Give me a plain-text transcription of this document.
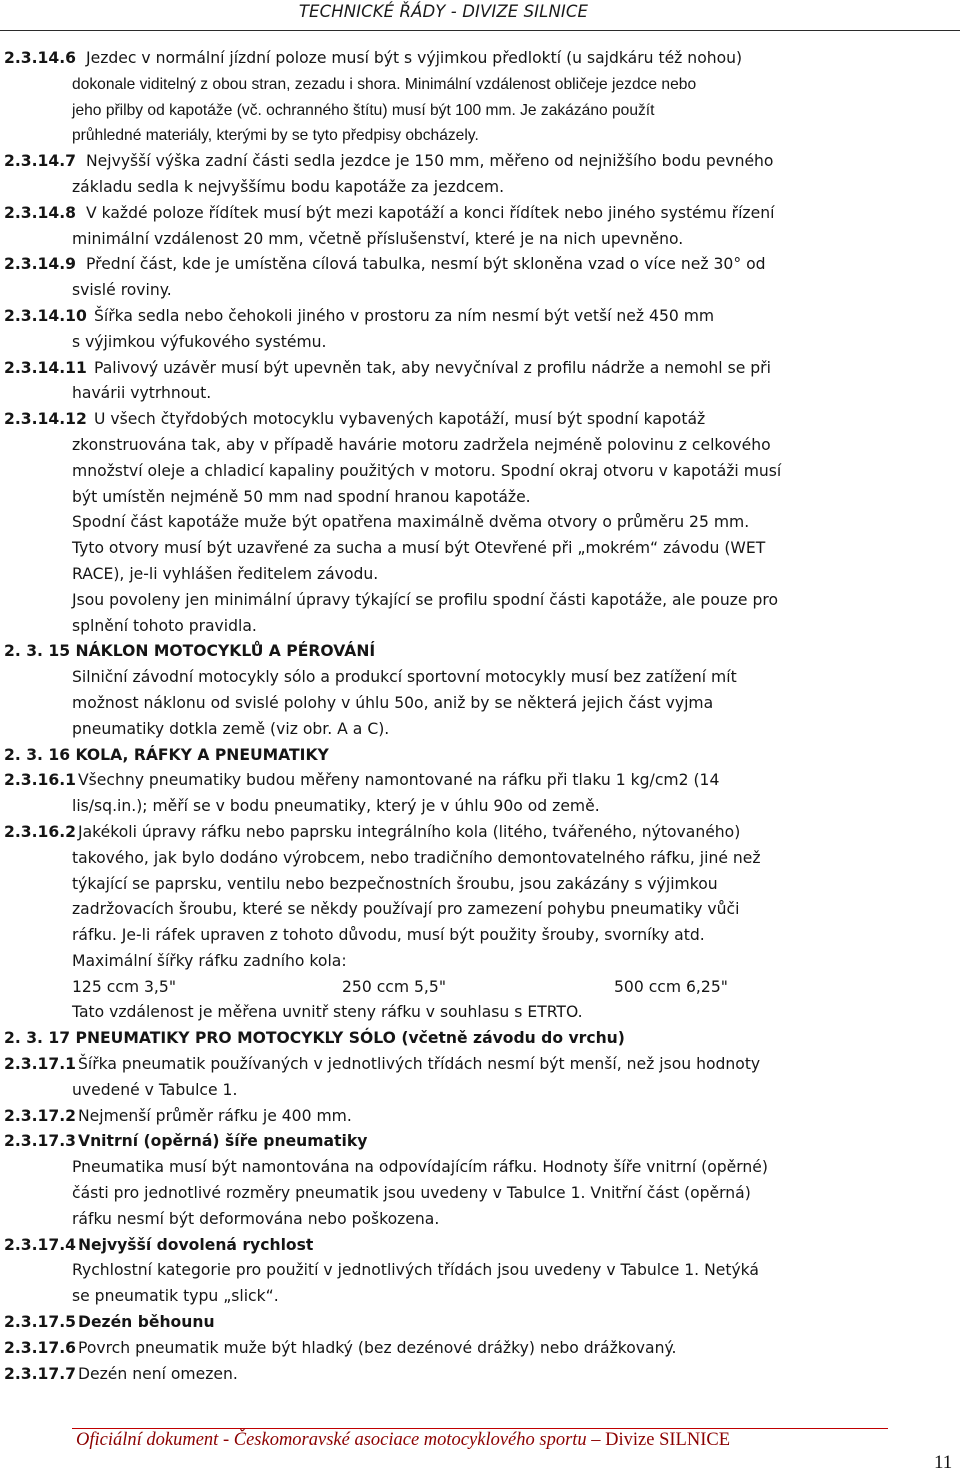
TECHNICKÉ ŘÁDY - DIVIZE SILNICE
2.3.14.6 Jezdec v normální jízdní poloze musí být s výjimkou předloktí (u sajdkáru též nohou)
dokonale viditelný z obou stran, zezadu i shora. Minimální vzdálenost obličeje jezdce nebo
jeho přilby od kapotáže (vč. ochranného štítu) musí být 100 mm. Je zakázáno použít
průhledné materiály, kterými by se tyto předpisy obcházely.
2.3.14.7 Nejvyšší výška zadní části sedla jezdce je 150 mm, měřeno od nejnižšího bodu pevného
základu sedla k nejvyššímu bodu kapotáže za jezdcem.
2.3.14.8 V každé poloze řídítek musí být mezi kapotáží a konci řídítek nebo jiného systému řízení
minimální vzdálenost 20 mm, včetně příslušenství, které je na nich upevněno.
2.3.14.9 Přední část, kde je umístěna cílová tabulka, nesmí být skloněna vzad o více než 30° od
svislé roviny.
2.3.14.10 Šířka sedla nebo čehokoli jiného v prostoru za ním nesmí být vetší než 450 mm
s výjimkou výfukového systému.
2.3.14.11 Palivový uzávěr musí být upevněn tak, aby nevyčníval z profilu nádrže a nemohl se při
havárii vytrhnout.
2.3.14.12 U všech čtyřdobých motocyklu vybavených kapotáží, musí být spodní kapotáž
zkonstruována tak, aby v případě havárie motoru zadržela nejméně polovinu z celkového
množství oleje a chladicí kapaliny použitých v motoru. Spodní okraj otvoru v kapotáži musí
být umístěn nejméně 50 mm nad spodní hranou kapotáže.
Spodní část kapotáže muže být opatřena maximálně dvěma otvory o průměru 25 mm.
Tyto otvory musí být uzavřené za sucha a musí být Otevřené při „mokrém“ závodu (WET
RACE), je-li vyhlášen ředitelem závodu.
Jsou povoleny jen minimální úpravy týkající se profilu spodní části kapotáže, ale pouze pro
splnění tohoto pravidla.
2. 3. 15 NÁKLON MOTOCYKLŮ A PÉROVÁNÍ
Silniční závodní motocykly sólo a produkcí sportovní motocykly musí bez zatížení mít
možnost náklonu od svislé polohy v úhlu 50o, aniž by se některá jejich část vyjma
pneumatiky dotkla země (viz obr. A a C).
2. 3. 16 KOLA, RÁFKY A PNEUMATIKY
2.3.16.1 Všechny pneumatiky budou měřeny namontované na ráfku při tlaku 1 kg/cm2 (14
lis/sq.in.); měří se v bodu pneumatiky, který je v úhlu 90o od země.
2.3.16.2 Jakékoli úpravy ráfku nebo paprsku integrálního kola (litého, tvářeného, nýtovaného)
takového, jak bylo dodáno výrobcem, nebo tradičního demontovatelného ráfku, jiné než
týkající se paprsku, ventilu nebo bezpečnostních šroubu, jsou zakázány s výjimkou
zadržovacích šroubu, které se někdy používají pro zamezení pohybu pneumatiky vůči
ráfku. Je-li ráfek upraven z tohoto důvodu, musí být použity šrouby, svorníky atd.
Maximální šířky ráfku zadního kola:
125 ccm 3,5"	250 ccm 5,5"	500 ccm 6,25"
Tato vzdálenost je měřena uvnitř steny ráfku v souhlasu s ETRTO.
2. 3. 17 PNEUMATIKY PRO MOTOCYKLY SÓLO (včetně závodu do vrchu)
2.3.17.1 Šířka pneumatik používaných v jednotlivých třídách nesmí být menší, než jsou hodnoty
uvedené v Tabulce 1.
2.3.17.2 Nejmenší průměr ráfku je 400 mm.
2.3.17.3 Vnitrní (opěrná) šíře pneumatiky
Pneumatika musí být namontována na odpovídajícím ráfku. Hodnoty šíře vnitrní (opěrné)
části pro jednotlivé rozměry pneumatik jsou uvedeny v Tabulce 1. Vnitřní část (opěrná)
ráfku nesmí být deformována nebo poškozena.
2.3.17.4 Nejvyšší dovolená rychlost
Rychlostní kategorie pro použití v jednotlivých třídách jsou uvedeny v Tabulce 1. Netýká
se pneumatik typu „slick“.
2.3.17.5 Dezén běhounu
2.3.17.6 Povrch pneumatik muže být hladký (bez dezénové drážky) nebo drážkovaný.
2.3.17.7 Dezén není omezen.
Oficiální dokument - Českomoravské asociace motocyklového sportu – Divize SILNICE
11
